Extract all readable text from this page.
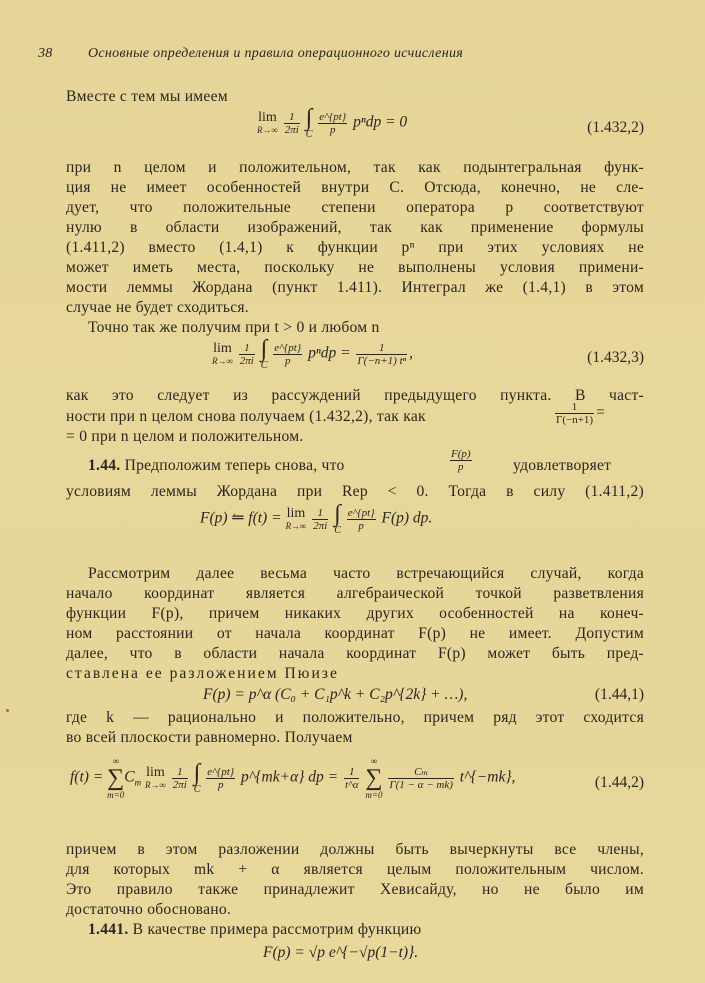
38	Основные определения и правила операционного исчисления
Вместе с тем мы имеем
lim
R→∞
$\frac{1}{2\pi i}$
∫
C
$\frac{e\^{}\{pt\}}{p}$ pⁿdp = 0	(1.432,2)
при n целом и положительном, так как подынтегральная функ-
ция не имеет особенностей внутри C. Отсюда, конечно, не сле-
дует, что положительные степени оператора p соответствуют
нулю в области изображений, так как применение формулы
(1.411,2) вместо (1.4,1) к функции pⁿ при этих условиях не
может иметь места, поскольку не выполнены условия примени-
мости леммы Жордана (пункт 1.411). Интеграл же (1.4,1) в этом
случае не будет сходиться.
Точно так же получим при t > 0 и любом n
lim
R→∞
$\frac{1}{2\pi i}$
∫
C
$\frac{e\^{}\{pt\}}{p}$ $p^ndp = \frac{1}{\text{Γ(−n+1) tⁿ}}$ ,	(1.432,3)
как это следует из рассуждений предыдущего пункта. В част-
ности при n целом снова получаем (1.432,2), так как	$\frac{1}{\Gamma(-n+1)}$ =
= 0 при n целом и положительном.
1.44. Предположим теперь снова, что	$\frac{F(p)}{p}$	удовлетворяет
условиям леммы Жордана при Rep < 0. Тогда в силу (1.411,2)
F(p) ⥪ f(t) = lim
R→∞
$\frac{1}{2\pi i}$
∫
C
$\frac{e\^{}\{pt\}}{p} F(p)$ dp.
Рассмотрим далее весьма часто встречающийся случай, когда
начало координат является алгебраической точкой разветвления
функции F(p), причем никаких других особенностей на конеч-
ном расстоянии от начала координат F(p) не имеет. Допустим
далее, что в области начала координат F(p) может быть пред-
ставлена ее разложением Пюизе
F(p) = p^α (C₀ + C₁p^k + C₂p^{2k} + …),	(1.44,1)
где k — рационально и положительно, причем ряд этот сходится
во всей плоскости равномерно. Получаем
f(t) =
∞
∑
m=0
$C_m$
lim
R→∞
$\frac{1}{2\pi i}$
∫
C
$\frac{e\^{}\{pt\}}{p}$ p^{mk+α} dp = $\frac{1}{t\^{}\alpha}$

∞
∑
m=0

$\frac{\text{Cₘ}}{\Gamma(1 - \alpha - mk)}$ t^{−mk},	(1.44,2)
причем в этом разложении должны быть вычеркнуты все члены,
для которых mk + α является целым положительным числом.
Это правило также принадлежит Хевисайду, но не было им
достаточно обосновано.
1.441. В качестве примера рассмотрим функцию
F(p) = √p e^{−√p(1−t)}.
